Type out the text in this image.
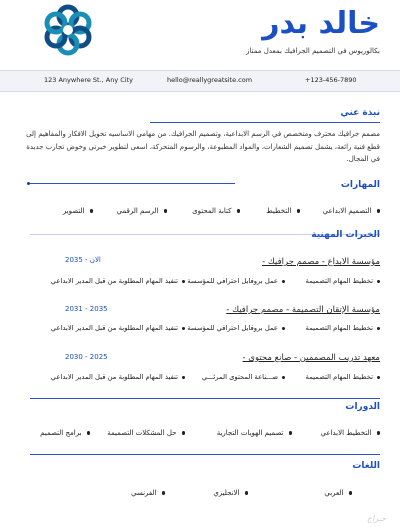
خالد بدر
بكالوريوس في التصميم الجرافيك بمعدل ممتاز
123 Anywhere St., Any City	hello@reallygreatsite.com	+123-456-7890
نبذة عني
مصمم جرافيك محترف ومتخصص في الرسم الابداعية، وتصميم الجرافيك. من مهامي الاساسيه تحويل الافكار والمفاهيم إلى قطع فنية رائعة، يشمل تصميم الشعارات، والمواد المطبوعة، والرسوم المتحركة، اسعى لتطوير خبرتي وخوض تجارب جديدة في المجال.
المهارات
التصميم الابداعي
التخطيط
كتابة المحتوى
الرسم الرقمي
التصوير
الخبرات المهنية
مؤسسة الابداع - مصمم جرافيك -
2035 - الان
تخطيط المهام التصميمة
عمل بروفايل احترافي للمؤسسة
تنفيذ المهام المطلوبة من قبل المدير الابداعي
مؤسسة الإتقان التصميمة - مصمم جرافيك -
2031 - 2035
تخطيط المهام التصميمة
عمل بروفايل احترافي للمؤسسة
تنفيذ المهام المطلوبة من قبل المدير الابداعي
معهد تدريب المصممين - صانع محتوى -
2030 - 2025
تخطيط المهام التصميمة
صـــناعة المحتوى المرئـــي
تنفيذ المهام المطلوبة من قبل المدير الابداعي
الدورات
التخطيط الابداعي
تصميم الهويات التجارية
حل المشكلات التصميمة
برامج التصميم
اللغات
العربي
الانجليزي
الفرنسي
حـراج
